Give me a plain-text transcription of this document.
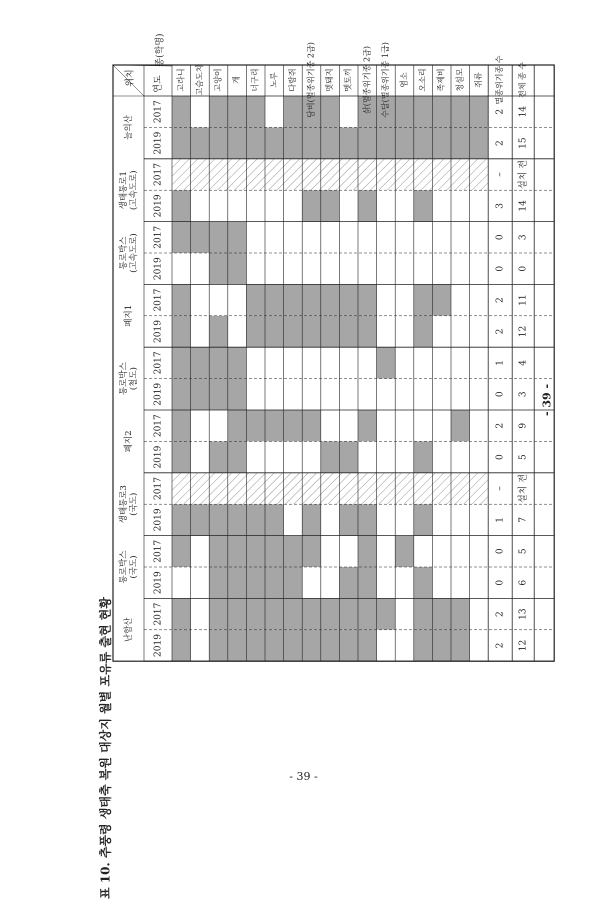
위치 연도
종(학명)
늘의산
2017
2019
생태통로1 (고속도로) 2017
2019
통로박스 (고속도로) 2017
2019
폐지1
2017
2019
통로박스 (철도)
2017
2019
폐지2
2017
2019
생태통로3 (국도)
2017
2019
통로박스 (국도)
2017
2019
난함산
2017
2019
고라니 고슴도치 고양이 개 너구리 노루 다람쥐 담비(멸종위기종 2급) 멧돼지 멧토끼 삵(멸종위기종 2급) 수달(멸종위기종 1급) 염소 오소리 족제비 청설모 쥐류 멸종위기종 수 전체 종 수
2 14
2 15
– 설치 전
3 14
0 3
0 0
2 11
2 12
1 4
0 3
2 9
0 5
– 설치 전
1 7
0 5
0 6
2 13
2 12
표 10. 추풍령 생태축 복원 대상지 월별 포유류 출현 현황
- 39 -
- 39 -
